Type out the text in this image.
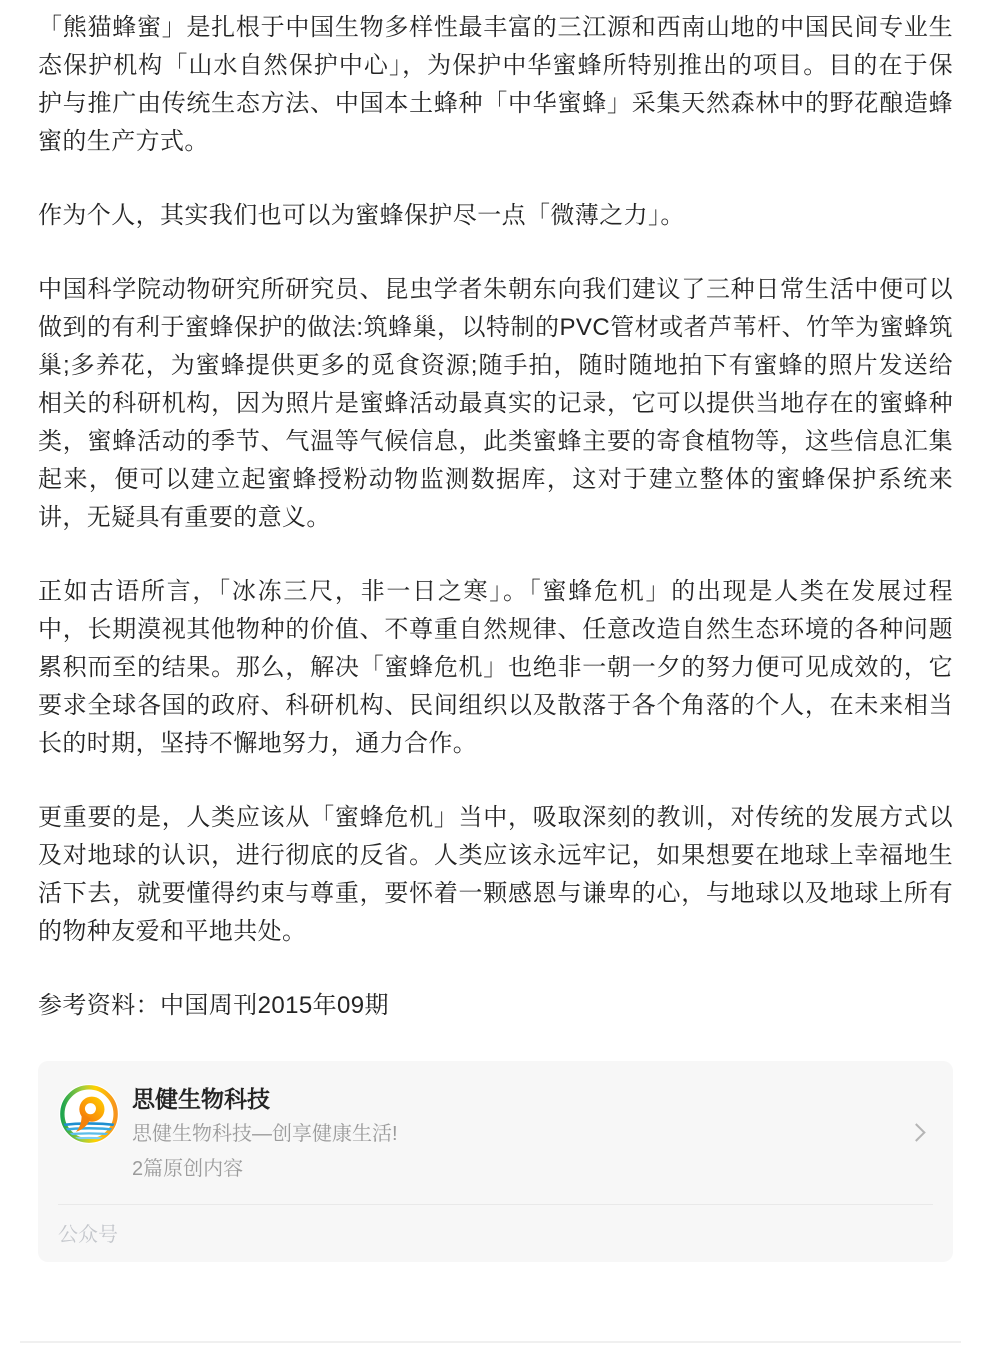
「熊猫蜂蜜」是扎根于中国生物多样性最丰富的三江源和西南山地的中国民间专业生态保护机构「山水自然保护中心」，为保护中华蜜蜂所特别推出的项目。目的在于保护与推广由传统生态方法、中国本土蜂种「中华蜜蜂」采集天然森林中的野花酿造蜂蜜的生产方式。

作为个人，其实我们也可以为蜜蜂保护尽一点「微薄之力」。

中国科学院动物研究所研究员、昆虫学者朱朝东向我们建议了三种日常生活中便可以做到的有利于蜜蜂保护的做法:筑蜂巢，以特制的PVC管材或者芦苇杆、竹竿为蜜蜂筑巢;多养花，为蜜蜂提供更多的觅食资源;随手拍，随时随地拍下有蜜蜂的照片发送给相关的科研机构，因为照片是蜜蜂活动最真实的记录，它可以提供当地存在的蜜蜂种类，蜜蜂活动的季节、气温等气候信息，此类蜜蜂主要的寄食植物等，这些信息汇集起来，便可以建立起蜜蜂授粉动物监测数据库，这对于建立整体的蜜蜂保护系统来讲，无疑具有重要的意义。

正如古语所言，「冰冻三尺，非一日之寒」。「蜜蜂危机」的出现是人类在发展过程中，长期漠视其他物种的价值、不尊重自然规律、任意改造自然生态环境的各种问题累积而至的结果。那么，解决「蜜蜂危机」也绝非一朝一夕的努力便可见成效的，它要求全球各国的政府、科研机构、民间组织以及散落于各个角落的个人，在未来相当长的时期，坚持不懈地努力，通力合作。

更重要的是，人类应该从「蜜蜂危机」当中，吸取深刻的教训，对传统的发展方式以及对地球的认识，进行彻底的反省。人类应该永远牢记，如果想要在地球上幸福地生活下去，就要懂得约束与尊重，要怀着一颗感恩与谦卑的心，与地球以及地球上所有的物种友爱和平地共处。

参考资料：中国周刊2015年09期

思健生物科技
思健生物科技—创享健康生活!
2篇原创内容
公众号
